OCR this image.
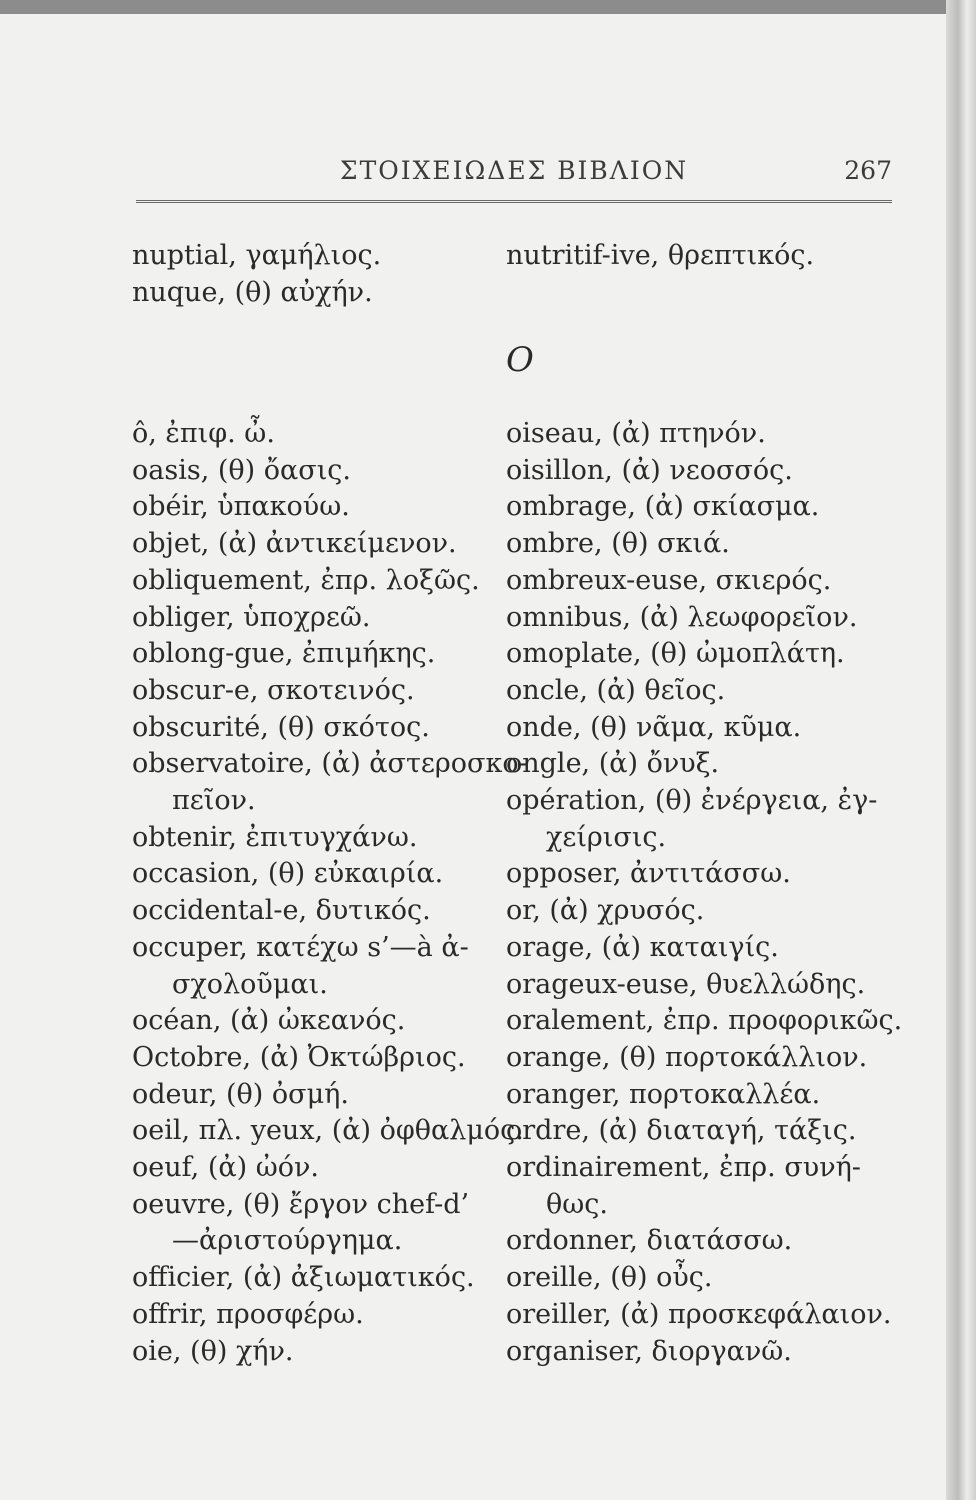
ΣΤΟΙΧΕΙΩΔΕΣ ΒΙΒΛΙΟΝ	267
nuptial, γαμήλιος.
nuque, (θ) αὐχήν.
nutritif-ive, θρεπτικός.
O
ô, ἐπιφ. ὦ.
oasis, (θ) ὄασις.
obéir, ὑπακούω.
objet, (ἀ) ἀντικείμενον.
obliquement, ἐπρ. λοξῶς.
obliger, ὑποχρεῶ.
oblong-gue, ἐπιμήκης.
obscur-e, σκοτεινός.
obscurité, (θ) σκότος.
observatoire, (ἀ) ἀστεροσκο-
πεῖον.
obtenir, ἐπιτυγχάνω.
occasion, (θ) εὐκαιρία.
occidental-e, δυτικός.
occuper, κατέχω s’—à ἀ-
σχολοῦμαι.
océan, (ἀ) ὠκεανός.
Octobre, (ἀ) Ὀκτώβριος.
odeur, (θ) ὀσμή.
oeil, πλ. yeux, (ἀ) ὀφθαλμός.
oeuf, (ἀ) ὠόν.
oeuvre, (θ) ἔργον chef-d’
—ἀριστούργημα.
officier, (ἀ) ἀξιωματικός.
offrir, προσφέρω.
oie, (θ) χήν.
oiseau, (ἀ) πτηνόν.
oisillon, (ἀ) νεοσσός.
ombrage, (ἀ) σκίασμα.
ombre, (θ) σκιά.
ombreux-euse, σκιερός.
omnibus, (ἀ) λεωφορεῖον.
omoplate, (θ) ὠμοπλάτη.
oncle, (ἀ) θεῖος.
onde, (θ) νᾶμα, κῦμα.
ongle, (ἀ) ὄνυξ.
opération, (θ) ἐνέργεια, ἐγ-
χείρισις.
opposer, ἀντιτάσσω.
or, (ἀ) χρυσός.
orage, (ἀ) καταιγίς.
orageux-euse, θυελλώδης.
oralement, ἐπρ. προφορικῶς.
orange, (θ) πορτοκάλλιον.
oranger, πορτοκαλλέα.
ordre, (ἀ) διαταγή, τάξις.
ordinairement, ἐπρ. συνή-
θως.
ordonner, διατάσσω.
oreille, (θ) οὖς.
oreiller, (ἀ) προσκεφάλαιον.
organiser, διοργανῶ.
